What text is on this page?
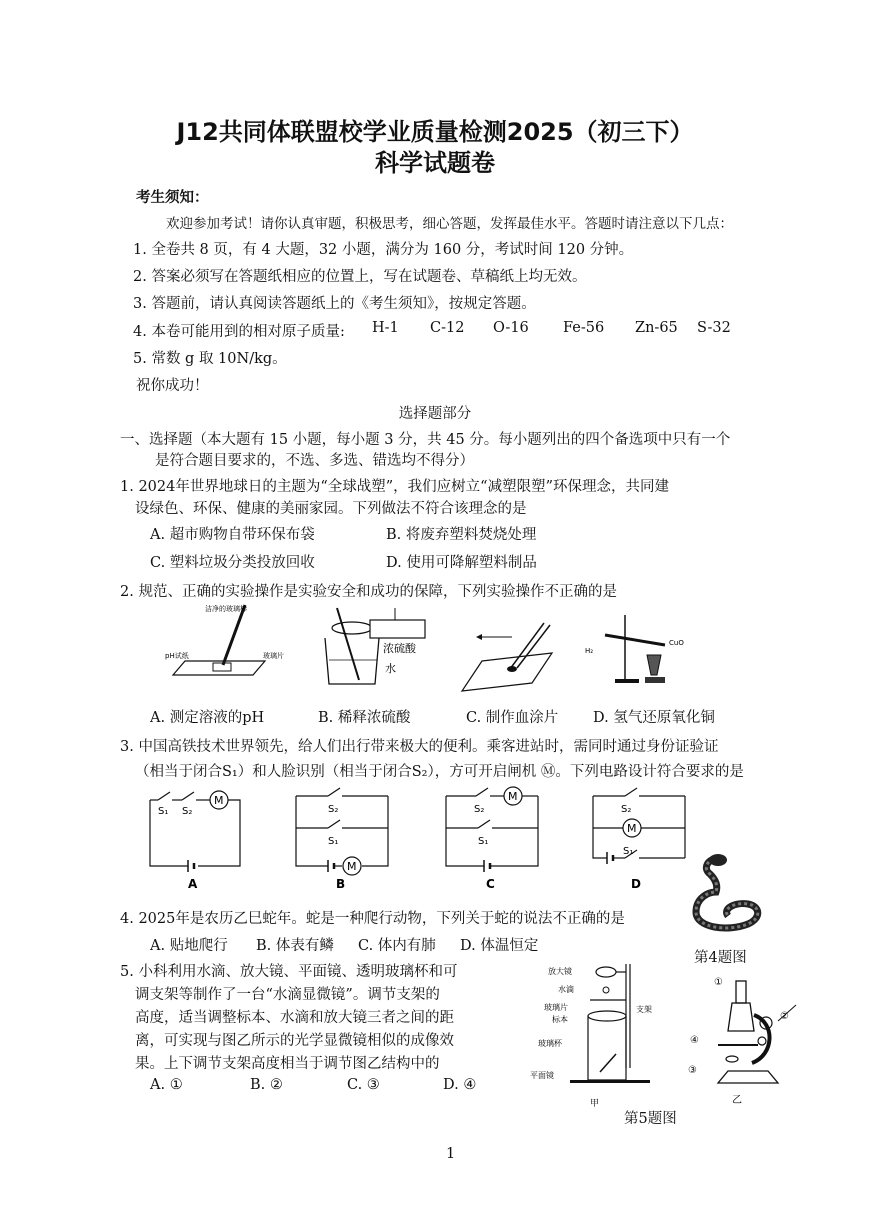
J12共同体联盟校学业质量检测2025（初三下）
科学试题卷
考生须知：
欢迎参加考试！请你认真审题，积极思考，细心答题，发挥最佳水平。答题时请注意以下几点：
1. 全卷共 8 页，有 4 大题，32 小题，满分为 160 分，考试时间 120 分钟。
2. 答案必须写在答题纸相应的位置上，写在试题卷、草稿纸上均无效。
3. 答题前，请认真阅读答题纸上的《考生须知》，按规定答题。
4. 本卷可能用到的相对原子质量: H-1 C-12 O-16 Fe-56 Zn-65 S-32
5. 常数 g 取 10N/kg。
祝你成功！
选择题部分
一、选择题（本大题有 15 小题，每小题 3 分，共 45 分。每小题列出的四个备选项中只有一个
是符合题目要求的，不选、多选、错选均不得分）
1. 2024年世界地球日的主题为“全球战塑”，我们应树立“减塑限塑”环保理念，共同建
设绿色、环保、健康的美丽家园。下列做法不符合该理念的是
A. 超市购物自带环保布袋	B. 将废弃塑料焚烧处理
C. 塑料垃圾分类投放回收	D. 使用可降解塑料制品
2. 规范、正确的实验操作是实验安全和成功的保障，下列实验操作不正确的是
洁净的玻璃棒
pH试纸	玻璃片
浓硫酸
水
H₂
CuO
A. 测定溶液的pH	B. 稀释浓硫酸	C. 制作血涂片 D. 氢气还原氧化铜
3. 中国高铁技术世界领先，给人们出行带来极大的便利。乘客进站时，需同时通过身份证验证
（相当于闭合S₁）和人脸识别（相当于闭合S₂），方可开启闸机 Ⓜ。下列电路设计符合要求的是
M
S₁ S₂
A
M
S₂
S₁
B
M
S₂
S₁
C
M
S₂
S₁
D
4. 2025年是农历乙巳蛇年。蛇是一种爬行动物，下列关于蛇的说法不正确的是
A. 贴地爬行 B. 体表有鳞 C. 体内有肺 D. 体温恒定
第4题图
5. 小科利用水滴、放大镜、平面镜、透明玻璃杯和可
调支架等制作了一台“水滴显微镜”。调节支架的
高度，适当调整标本、水滴和放大镜三者之间的距
离，可实现与图乙所示的光学显微镜相似的成像效
果。上下调节支架高度相当于调节图乙结构中的
A. ①	B. ②	C. ③	D. ④
放大镜
水滴
玻璃片
标本
支架
玻璃杯
平面镜
甲
第5题图
①
②
③
④
乙
1
